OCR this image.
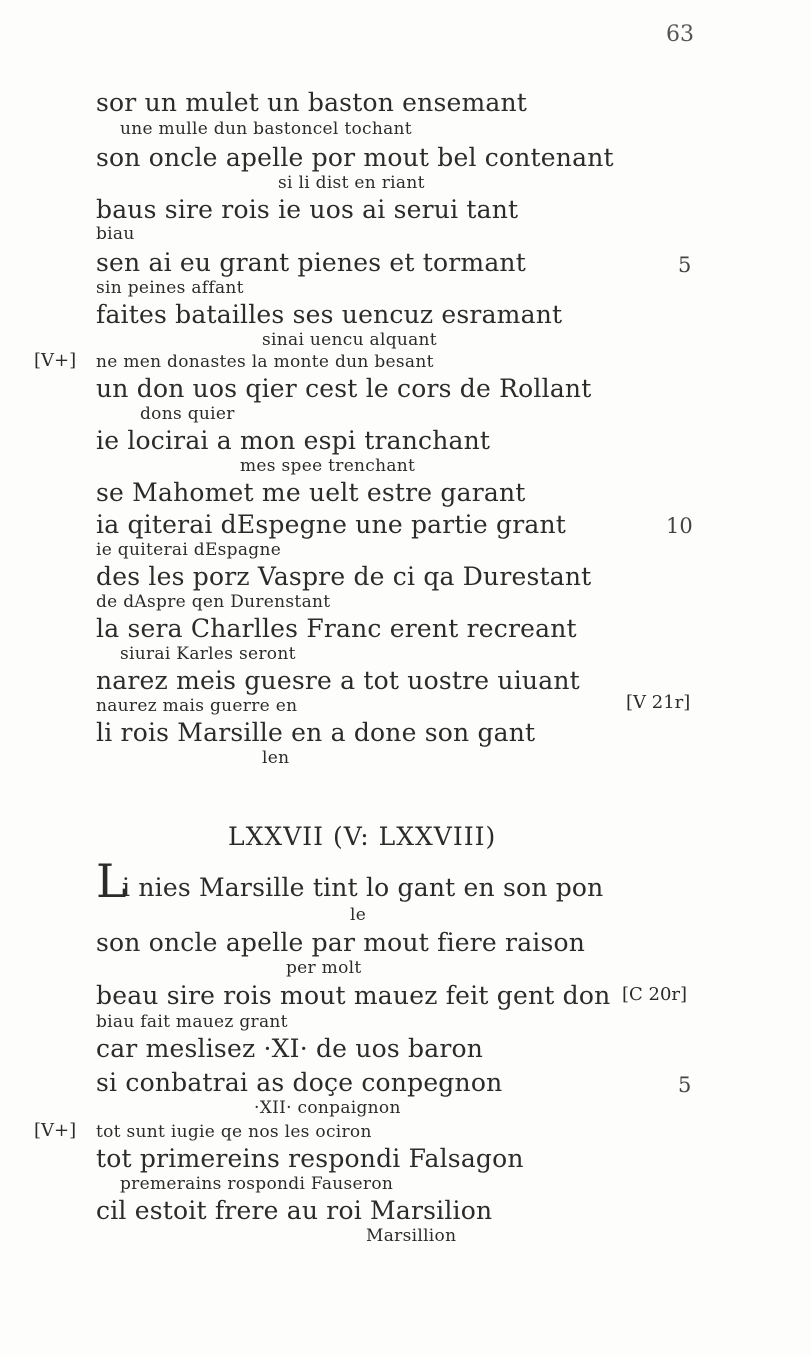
63
sor un mulet un baston ensemant
une mulle dun bastoncel tochant
son oncle apelle por mout bel contenant
si li dist en riant
baus sire rois ie uos ai serui tant
biau
sen ai eu grant pienes et tormant	5
sin peines affant
faites batailles ses uencuz esramant
sinai uencu alquant
[V+] ne men donastes la monte dun besant
un don uos qier cest le cors de Rollant
dons quier
ie locirai a mon espi tranchant
mes spee trenchant
se Mahomet me uelt estre garant
ia qiterai dEspegne une partie grant	10
ie quiterai dEspagne
des les porz Vaspre de ci qa Durestant
de dAspre qen Durenstant
la sera Charlles Franc erent recreant
siurai Karles seront
narez meis guesre a tot uostre uiuant
naurez mais guerre en	[V 21r]
li rois Marsille en a done son gant
len
LXXVII (V: LXXVIII)
L
i nies Marsille tint lo gant en son pon
le
son oncle apelle par mout fiere raison
per molt
beau sire rois mout mauez feit gent don [C 20r]
biau fait mauez grant
car meslisez ·XI· de uos baron
si conbatrai as doçe conpegnon	5
·XII· conpaignon
[V+] tot sunt iugie qe nos les ociron
tot primereins respondi Falsagon
premerains rospondi Fauseron
cil estoit frere au roi Marsilion
Marsillion
